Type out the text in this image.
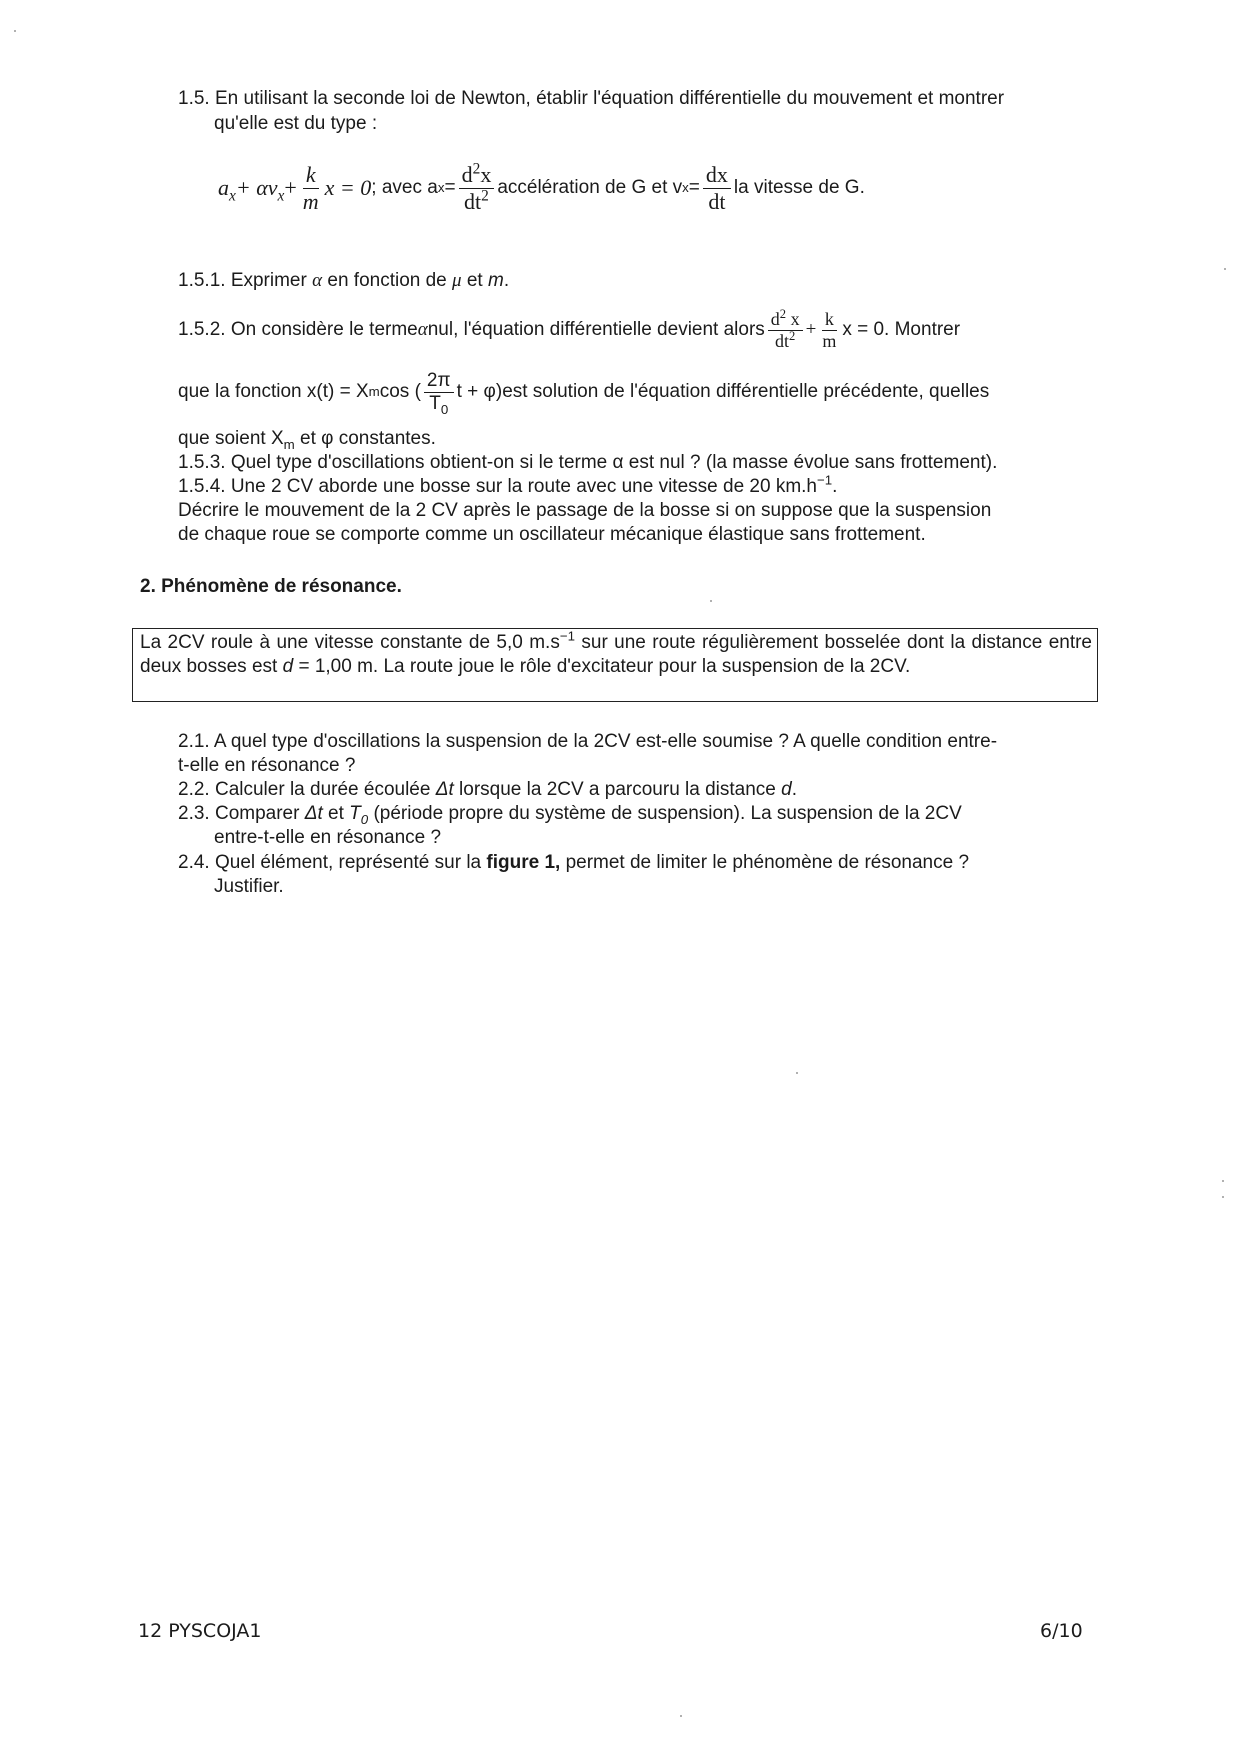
1.5. En utilisant la seconde loi de Newton, établir l'équation différentielle du mouvement et montrer
qu'elle est du type :
$a_x + \alpha v_x + \frac{k}{m}$ x = 0 ; avec a $x = \frac{d^2x}{dt^2}$ accélération de G et v $x = \frac{dx}{dt}$ la vitesse de G.
1.5.1. Exprimer α en fonction de μ et m.
1.5.2. On considère le terme α nul, l'équation différentielle devient alors $\frac{d^2 x}{dt^2} + \frac{k}{m}$ x = 0. Montrer
que la fonction x(t) = X m cos ( $\frac{2\pi}{T_0}$ t + φ) est solution de l'équation différentielle précédente, quelles
que soient $X_m$ et φ constantes.
1.5.3. Quel type d'oscillations obtient-on si le terme α est nul ? (la masse évolue sans frottement).
1.5.4. Une 2 CV aborde une bosse sur la route avec une vitesse de 20 $km.h^{-1}$.
Décrire le mouvement de la 2 CV après le passage de la bosse si on suppose que la suspension
de chaque roue se comporte comme un oscillateur mécanique élastique sans frottement.
2. Phénomène de résonance.
La 2CV roule à une vitesse constante de 5,0 $m.s^{-1}$ sur une route régulièrement bosselée dont la distance entre deux bosses est d = 1,00 m. La route joue le rôle d'excitateur pour la suspension de la 2CV.
2.1. A quel type d'oscillations la suspension de la 2CV est-elle soumise ? A quelle condition entre-
t-elle en résonance ?
2.2. Calculer la durée écoulée Δt lorsque la 2CV a parcouru la distance d.
2.3. Comparer Δt et $T_0$ (période propre du système de suspension). La suspension de la 2CV
entre-t-elle en résonance ?
2.4. Quel élément, représenté sur la figure 1, permet de limiter le phénomène de résonance ?
Justifier.
12 PYSCOJA1	6/10
